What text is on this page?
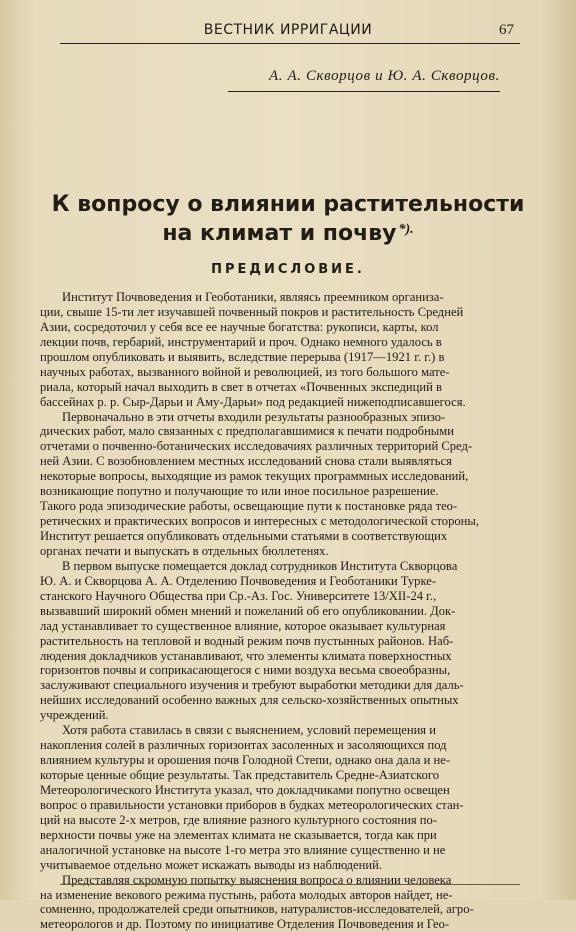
ВЕСТНИК ИРРИГАЦИИ	67
А. А. Скворцов и Ю. А. Скворцов.
К вопросу о влиянии растительности
на климат и почву *).
ПРЕДИСЛОВИЕ.
Институт Почвоведения и Геоботаники, являясь преемником организа-
ции, свыше 15-ти лет изучавшей почвенный покров и растительность Средней
Азии, сосредоточил у себя все ее научные богатства: рукописи, карты, кол
лекции почв, гербарий, инструментарий и проч. Однако немного удалось в
прошлом опубликовать и выявить, вследствие перерыва (1917—1921 г. г.) в
научных работах, вызванного войной и революцией, из того большого мате-
риала, который начал выходить в свет в отчетах «Почвенных экспедиций в
бассейнах р. р. Сыр-Дарьи и Аму-Дарьи» под редакцией нижеподписавшегося.
Первоначально в эти отчеты входили результаты разнообразных эпизо-
дических работ, мало связанных с предполагавшимися к печати подробными
отчетами о почвенно-ботанических исследовачиях различных территорий Сред-
ней Азии. С возобновлением местных исследований снова стали выявляться
некоторые вопросы, выходящие из рамок текущих программных исследований,
возникающие попутно и получающие то или иное посильное разрешение.
Такого рода эпизодические работы, освещающие пути к постановке ряда тео-
ретических и практических вопросов и интересных с методологической стороны,
Институт решается опубликовать отдельными статьями в соответствующих
органах печати и выпускать в отдельных бюллетенях.
В первом выпуске помещается доклад сотрудников Института Скворцова
Ю. А. и Скворцова А. А. Отделению Почвоведения и Геоботаники Турке-
станского Научного Общества при Ср.-Аз. Гос. Университете 13/XII-24 г.,
вызвавший широкий обмен мнений и пожеланий об его опубликовании. Док-
лад устанавливает то существенное влияние, которое оказывает культурная
растительность на тепловой и водный режим почв пустынных районов. Наб-
людения докладчиков устанавливают, что элементы климата поверхностных
горизонтов почвы и соприкасающегося с ними воздуха весьма своеобразны,
заслуживают специального изучения и требуют выработки методики для даль-
нейших исследований особенно важных для сельско-хозяйственных опытных
учреждений.
Хотя работа ставилась в связи с выяснением, условий перемещения и
накопления солей в различных горизонтах засоленных и засоляющихся под
влиянием культуры и орошения почв Голодной Степи, однако она дала и не-
которые ценные общие результаты. Так представитель Средне-Азиатского
Метеорологического Института указал, что докладчиками попутно освещен
вопрос о правильности установки приборов в будках метеорологических стан-
ций на высоте 2-х метров, где влияние разного культурного состояния по-
верхности почвы уже на элементах климата не сказывается, тогда как при
аналогичной установке на высоте 1-го метра это влияние существенно и не
учитываемое отдельно может искажать выводы из наблюдений.
Представляя скромную попытку выяснения вопроса о влиянии человека
на изменение векового режима пустынь, работа молодых авторов найдет, не-
сомненно, продолжателей среди опытников, натуралистов-исследователей, агро-
метеорологов и др. Поэтому по инициативе Отделения Почвоведения и Гео-
